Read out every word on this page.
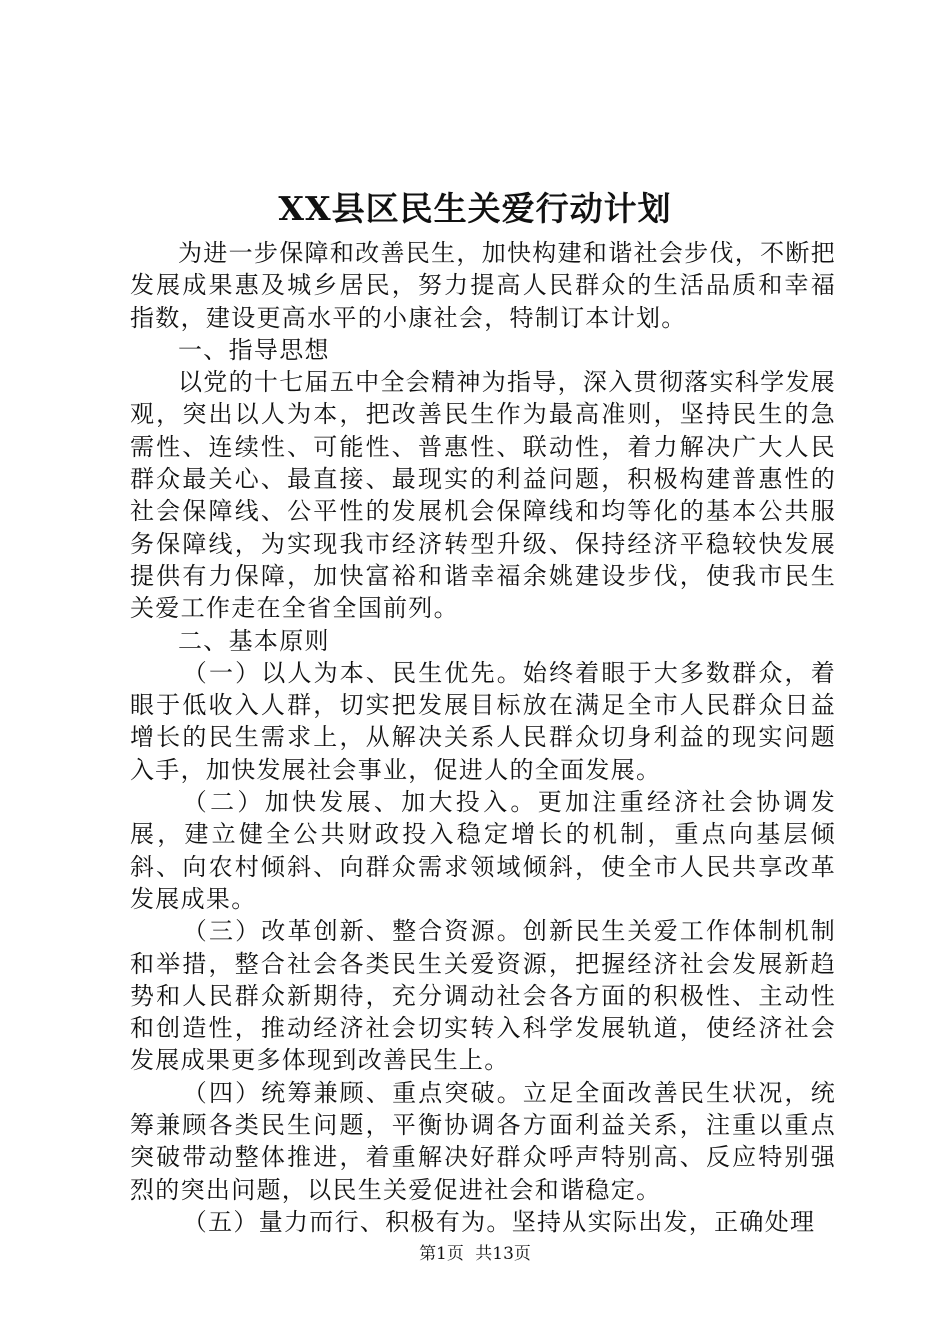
XX县区民生关爱行动计划

为进一步保障和改善民生，加快构建和谐社会步伐，不断把发展成果惠及城乡居民，努力提高人民群众的生活品质和幸福指数，建设更高水平的小康社会，特制订本计划。

一、指导思想

以党的十七届五中全会精神为指导，深入贯彻落实科学发展观，突出以人为本，把改善民生作为最高准则，坚持民生的急需性、连续性、可能性、普惠性、联动性，着力解决广大人民群众最关心、最直接、最现实的利益问题，积极构建普惠性的社会保障线、公平性的发展机会保障线和均等化的基本公共服务保障线，为实现我市经济转型升级、保持经济平稳较快发展提供有力保障，加快富裕和谐幸福余姚建设步伐，使我市民生关爱工作走在全省全国前列。

二、基本原则

（一）以人为本、民生优先。始终着眼于大多数群众，着眼于低收入人群，切实把发展目标放在满足全市人民群众日益增长的民生需求上，从解决关系人民群众切身利益的现实问题入手，加快发展社会事业，促进人的全面发展。

（二）加快发展、加大投入。更加注重经济社会协调发展，建立健全公共财政投入稳定增长的机制，重点向基层倾斜、向农村倾斜、向群众需求领域倾斜，使全市人民共享改革发展成果。

（三）改革创新、整合资源。创新民生关爱工作体制机制和举措，整合社会各类民生关爱资源，把握经济社会发展新趋势和人民群众新期待，充分调动社会各方面的积极性、主动性和创造性，推动经济社会切实转入科学发展轨道，使经济社会发展成果更多体现到改善民生上。

（四）统筹兼顾、重点突破。立足全面改善民生状况，统筹兼顾各类民生问题，平衡协调各方面利益关系，注重以重点突破带动整体推进，着重解决好群众呼声特别高、反应特别强烈的突出问题，以民生关爱促进社会和谐稳定。

（五）量力而行、积极有为。坚持从实际出发，正确处理

第1页 共13页
